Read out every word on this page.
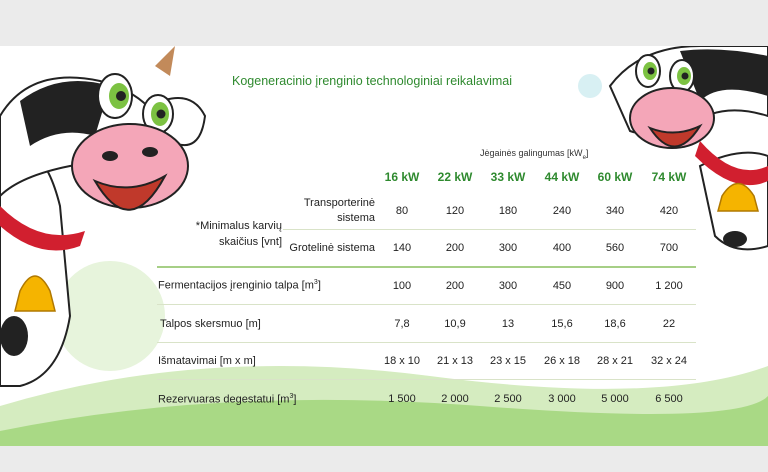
Kogeneracinio įrenginio technologiniai reikalavimai
Jėgainės galingumas $[kW_e]$
16 kW	22 kW	33 kW	44 kW	60 kW	74 kW
*Minimalus karvių
skaičius [vnt]
Transporterinė
sistema
80	120	180	240	340	420
Grotelinė sistema	140	200	300	400	560	700
Fermentacijos įrenginio talpa $[m^3]$	100	200	300	450	900	1 200
Talpos skersmuo [m]	7,8	10,9	13	15,6	18,6	22
Išmatavimai [m x m]	18 x 10	21 x 13	23 x 15	26 x 18	28 x 21	32 x 24
Rezervuaras degestatui $[m^3]$	1 500	2 000	2 500	3 000	5 000	6 500
